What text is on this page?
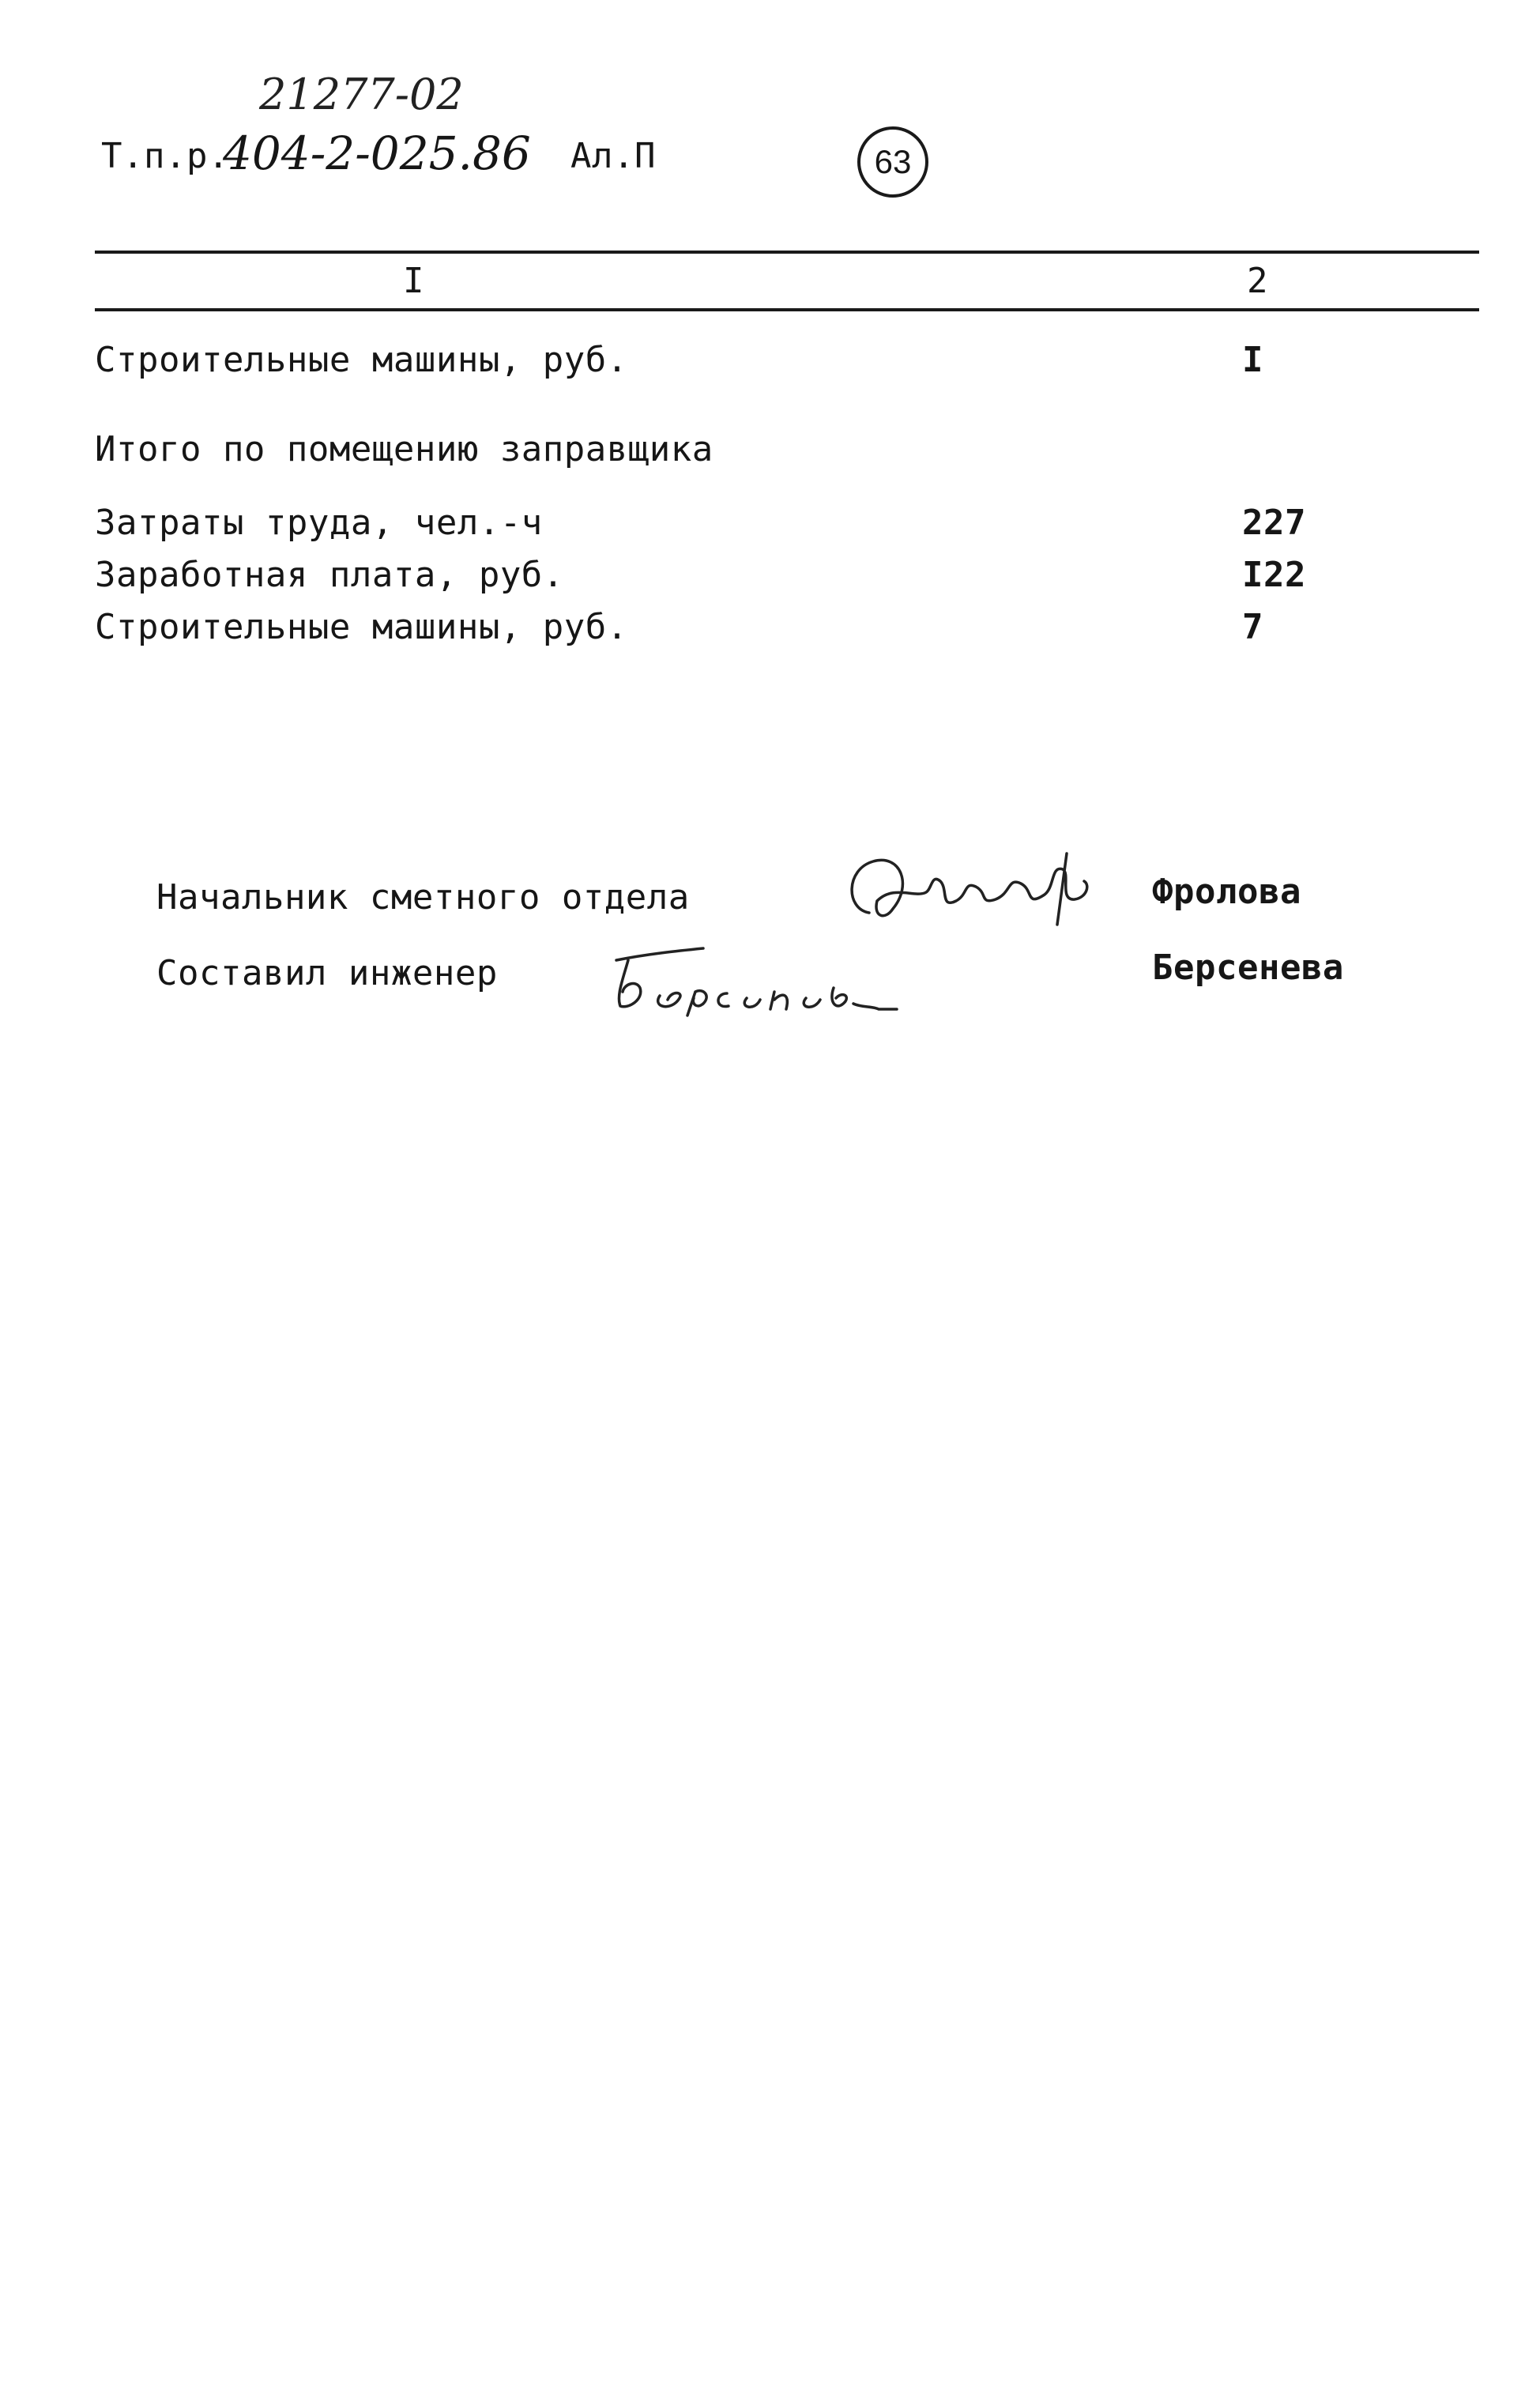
21277-02
Т.п.р.
404-2-025.86 Ал.П	63
I	2
Строительные машины, руб.	I
Итого по помещению заправщика
Затраты труда, чел.-ч	227
Заработная плата, руб.	I22
Строительные машины, руб.	7
Начальник сметного отдела	Фролова
Составил инженер	Берсенева
